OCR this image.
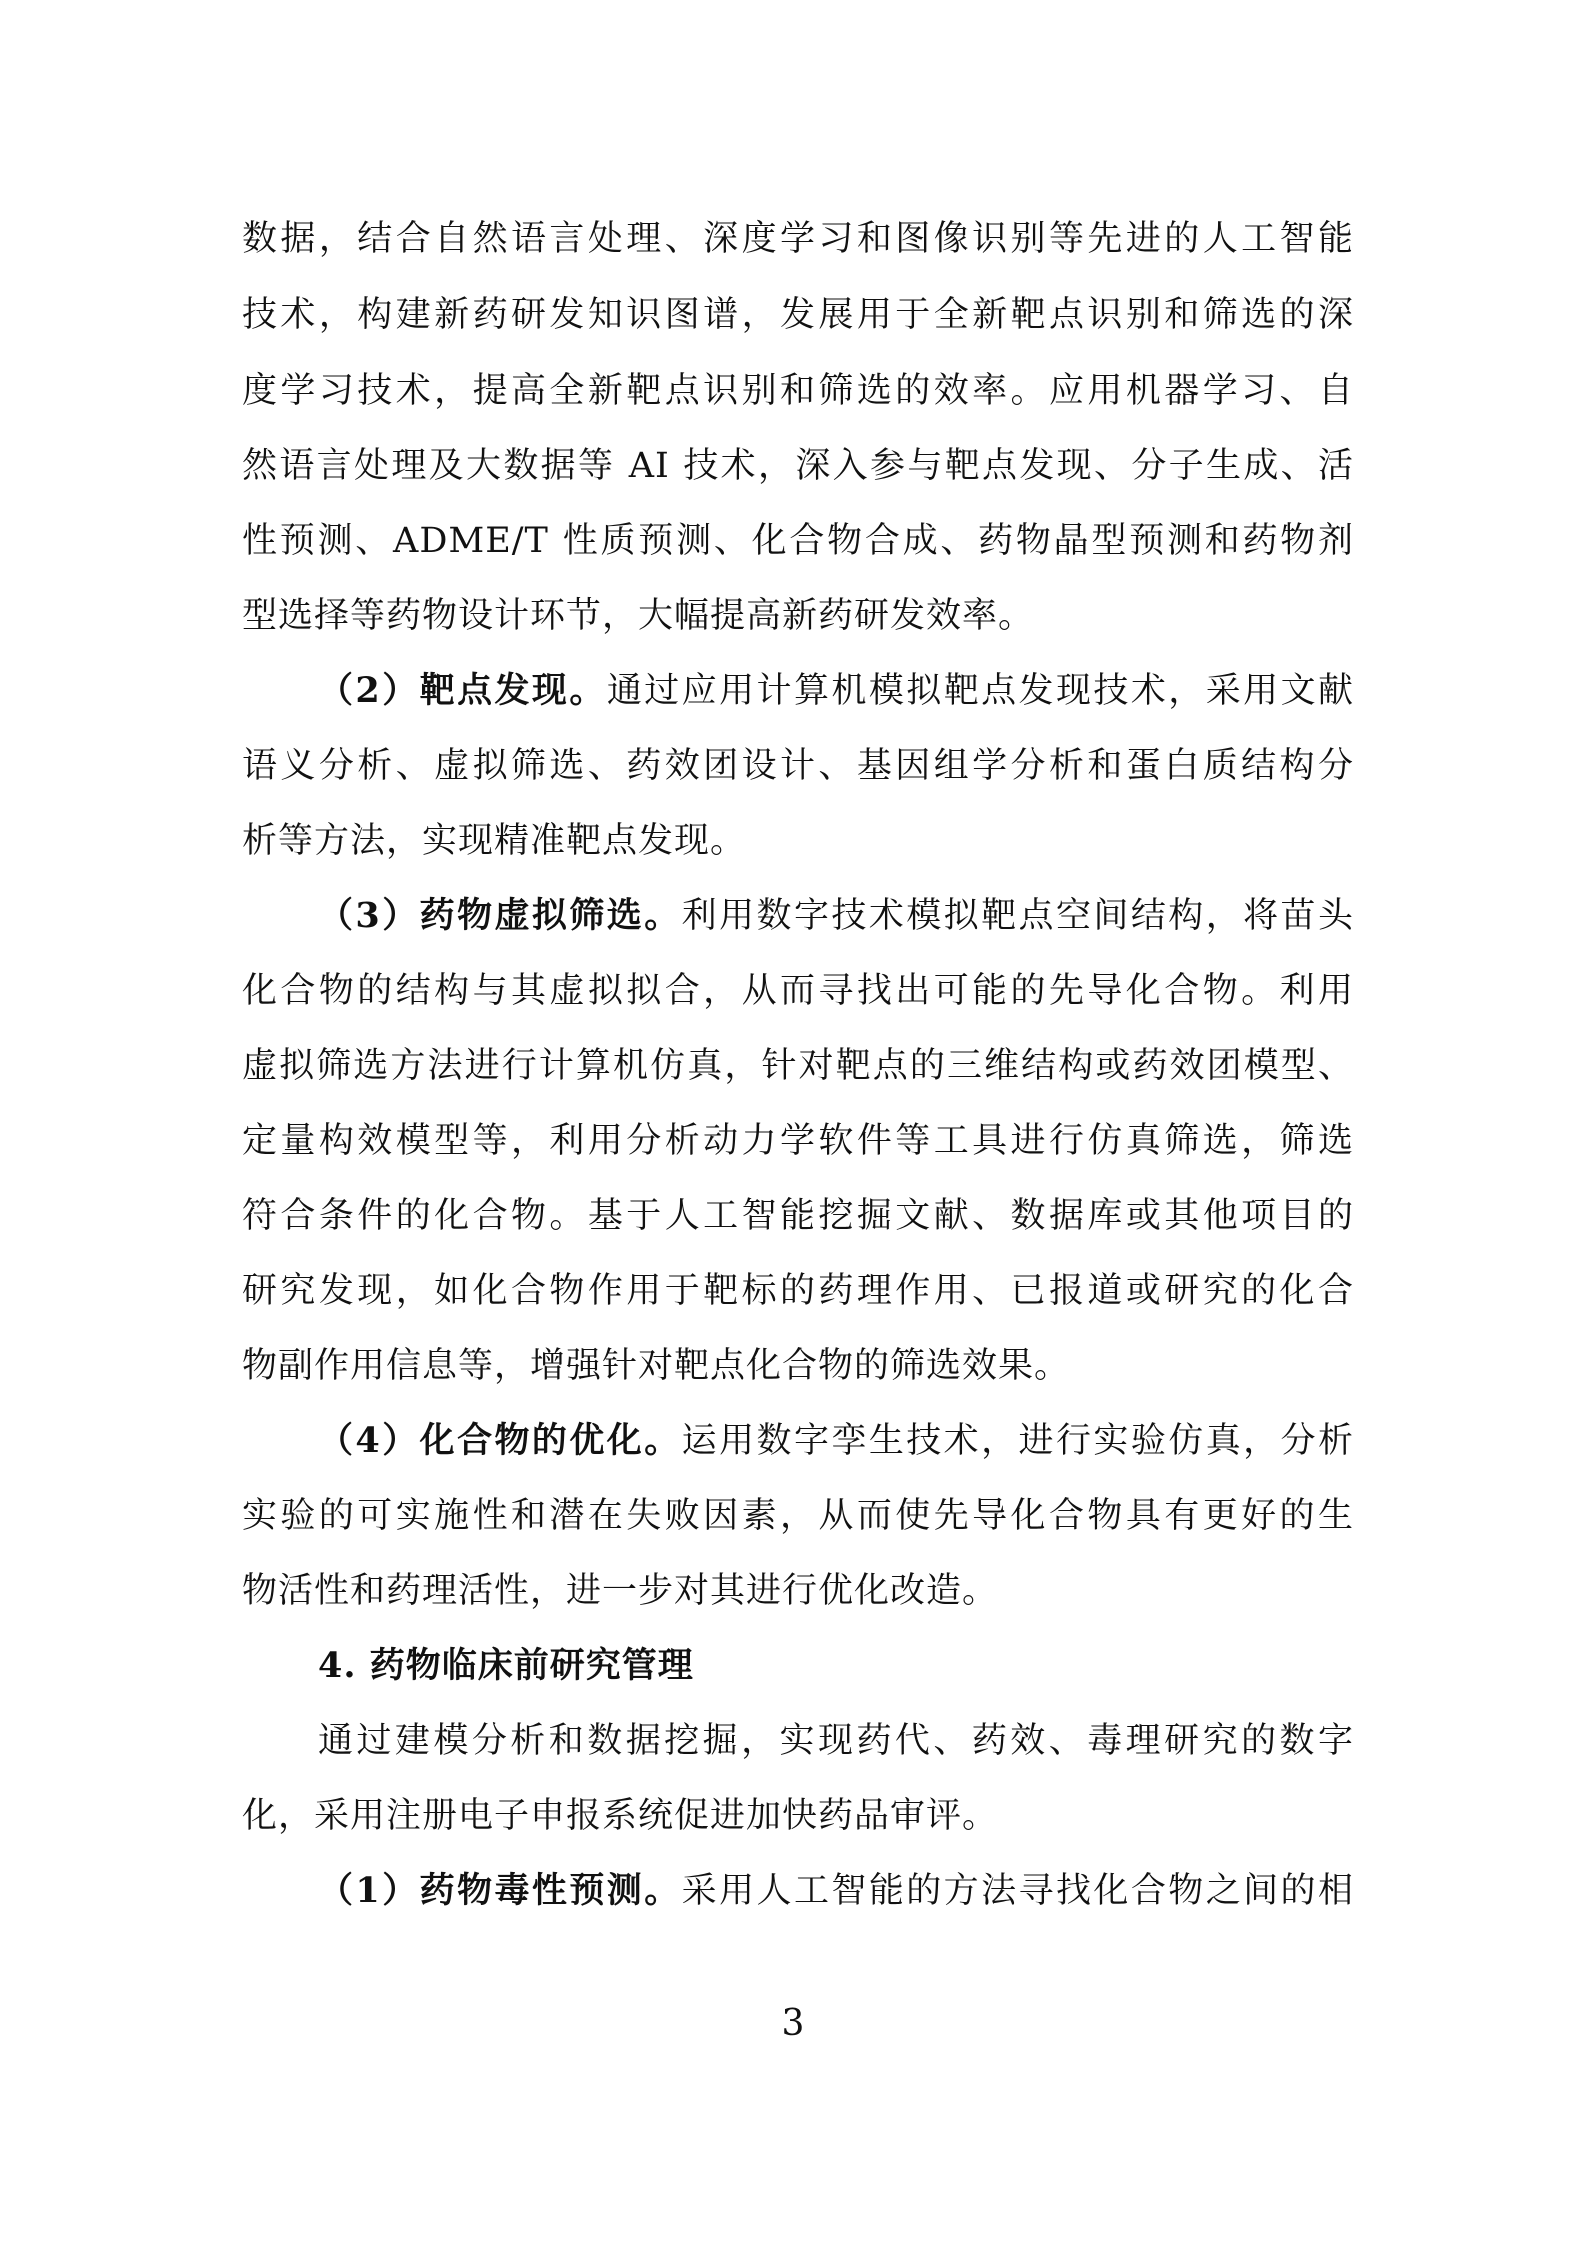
数据，结合自然语言处理、深度学习和图像识别等先进的人工智能
技术，构建新药研发知识图谱，发展用于全新靶点识别和筛选的深
度学习技术，提高全新靶点识别和筛选的效率。应用机器学习、自
然语言处理及大数据等 AI 技术，深入参与靶点发现、分子生成、活
性预测、ADME/T 性质预测、化合物合成、药物晶型预测和药物剂
型选择等药物设计环节，大幅提高新药研发效率。
（2）靶点发现。通过应用计算机模拟靶点发现技术，采用文献
语义分析、虚拟筛选、药效团设计、基因组学分析和蛋白质结构分
析等方法，实现精准靶点发现。
（3）药物虚拟筛选。利用数字技术模拟靶点空间结构，将苗头
化合物的结构与其虚拟拟合，从而寻找出可能的先导化合物。利用
虚拟筛选方法进行计算机仿真，针对靶点的三维结构或药效团模型、
定量构效模型等，利用分析动力学软件等工具进行仿真筛选，筛选
符合条件的化合物。基于人工智能挖掘文献、数据库或其他项目的
研究发现，如化合物作用于靶标的药理作用、已报道或研究的化合
物副作用信息等，增强针对靶点化合物的筛选效果。
（4）化合物的优化。运用数字孪生技术，进行实验仿真，分析
实验的可实施性和潜在失败因素，从而使先导化合物具有更好的生
物活性和药理活性，进一步对其进行优化改造。
4. 药物临床前研究管理
通过建模分析和数据挖掘，实现药代、药效、毒理研究的数字
化，采用注册电子申报系统促进加快药品审评。
（1）药物毒性预测。采用人工智能的方法寻找化合物之间的相
3
